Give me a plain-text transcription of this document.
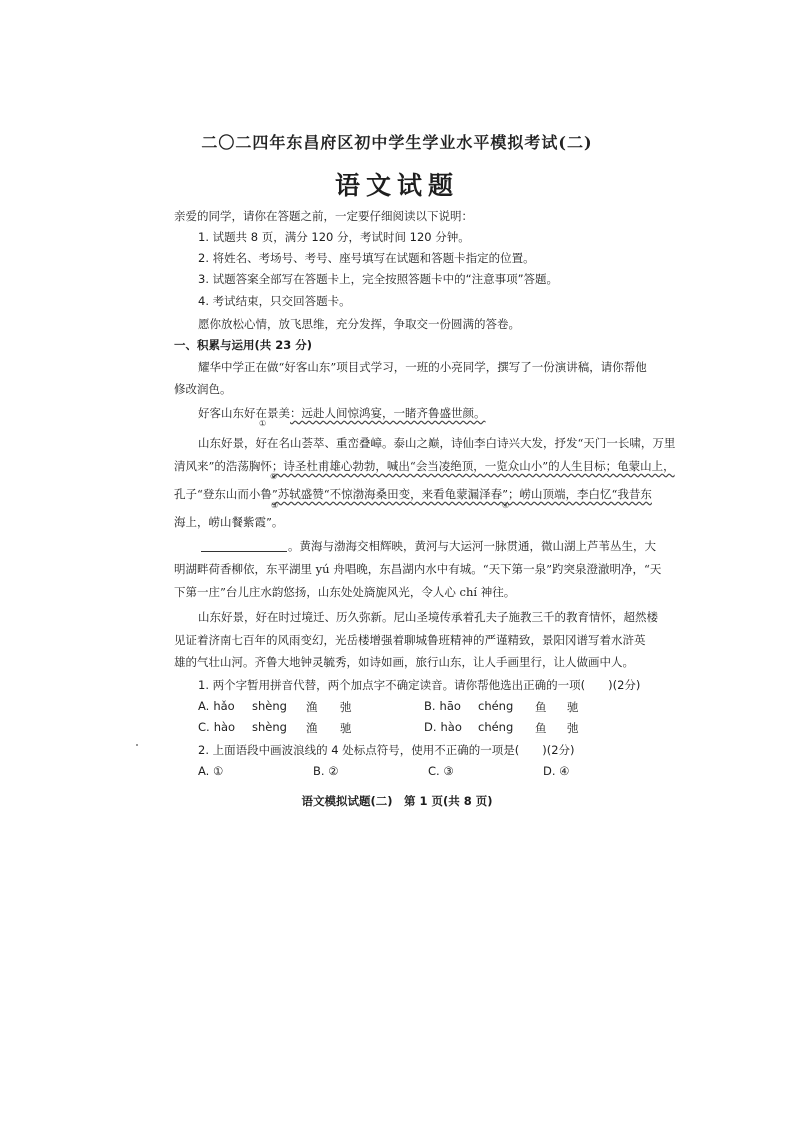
二〇二四年东昌府区初中学生学业水平模拟考试(二)
语文试题
亲爱的同学，请你在答题之前，一定要仔细阅读以下说明：
1. 试题共 8 页，满分 120 分，考试时间 120 分钟。
2. 将姓名、考场号、考号、座号填写在试题和答题卡指定的位置。
3. 试题答案全部写在答题卡上，完全按照答题卡中的“注意事项”答题。
4. 考试结束，只交回答题卡。
愿你放松心情，放飞思维，充分发挥，争取交一份圆满的答卷。
一、积累与运用(共 23 分)
耀华中学正在做“好客山东”项目式学习，一班的小亮同学，撰写了一份演讲稿，请你帮他
修改润色。
好客山东好在景美：远赴人间惊鸿宴，一睹齐鲁盛世颜。
①
山东好景，好在名山荟萃、重峦叠嶂。泰山之巅，诗仙李白诗兴大发，抒发“天门一长啸，万里
清风来”的浩荡胸怀；诗圣杜甫雄心勃勃，喊出“会当凌绝顶，一览众山小”的人生目标；龟蒙山上，
②
孔子“登东山而小鲁”苏轼盛赞“不惊渤海桑田变，来看龟蒙漏泽春”；崂山顶端，李白忆“我昔东
③	④
海上，崂山餐紫霞”。
。黄海与渤海交相辉映，黄河与大运河一脉贯通，微山湖上芦苇丛生，大
明湖畔荷香柳依，东平湖里 yú 舟唱晚，东昌湖内水中有城。“天下第一泉”趵突泉澄澈明净，“天
下第一庄”台儿庄水韵悠扬，山东处处旖旎风光，令人心 chí 神往。
山东好景，好在时过境迁、历久弥新。尼山圣境传承着孔夫子施教三千的教育情怀，超然楼
见证着济南七百年的风雨变幻，光岳楼增强着聊城鲁班精神的严谨精致，景阳冈谱写着水浒英
雄的气壮山河。齐鲁大地钟灵毓秀，如诗如画，旅行山东，让人手画里行，让人做画中人。
1. 两个字暂用拼音代替，两个加点字不确定读音。请你帮他选出正确的一项(　　)(2分)
A. hǎo shèng 渔 弛	B. hāo chéng 鱼 驰
C. hào shèng 渔 驰	D. hào chéng 鱼 弛
2. 上面语段中画波浪线的 4 处标点符号，使用不正确的一项是(　　)(2分)
A. ①	B. ②	C. ③	D. ④
语文模拟试题(二)　第 1 页(共 8 页)
